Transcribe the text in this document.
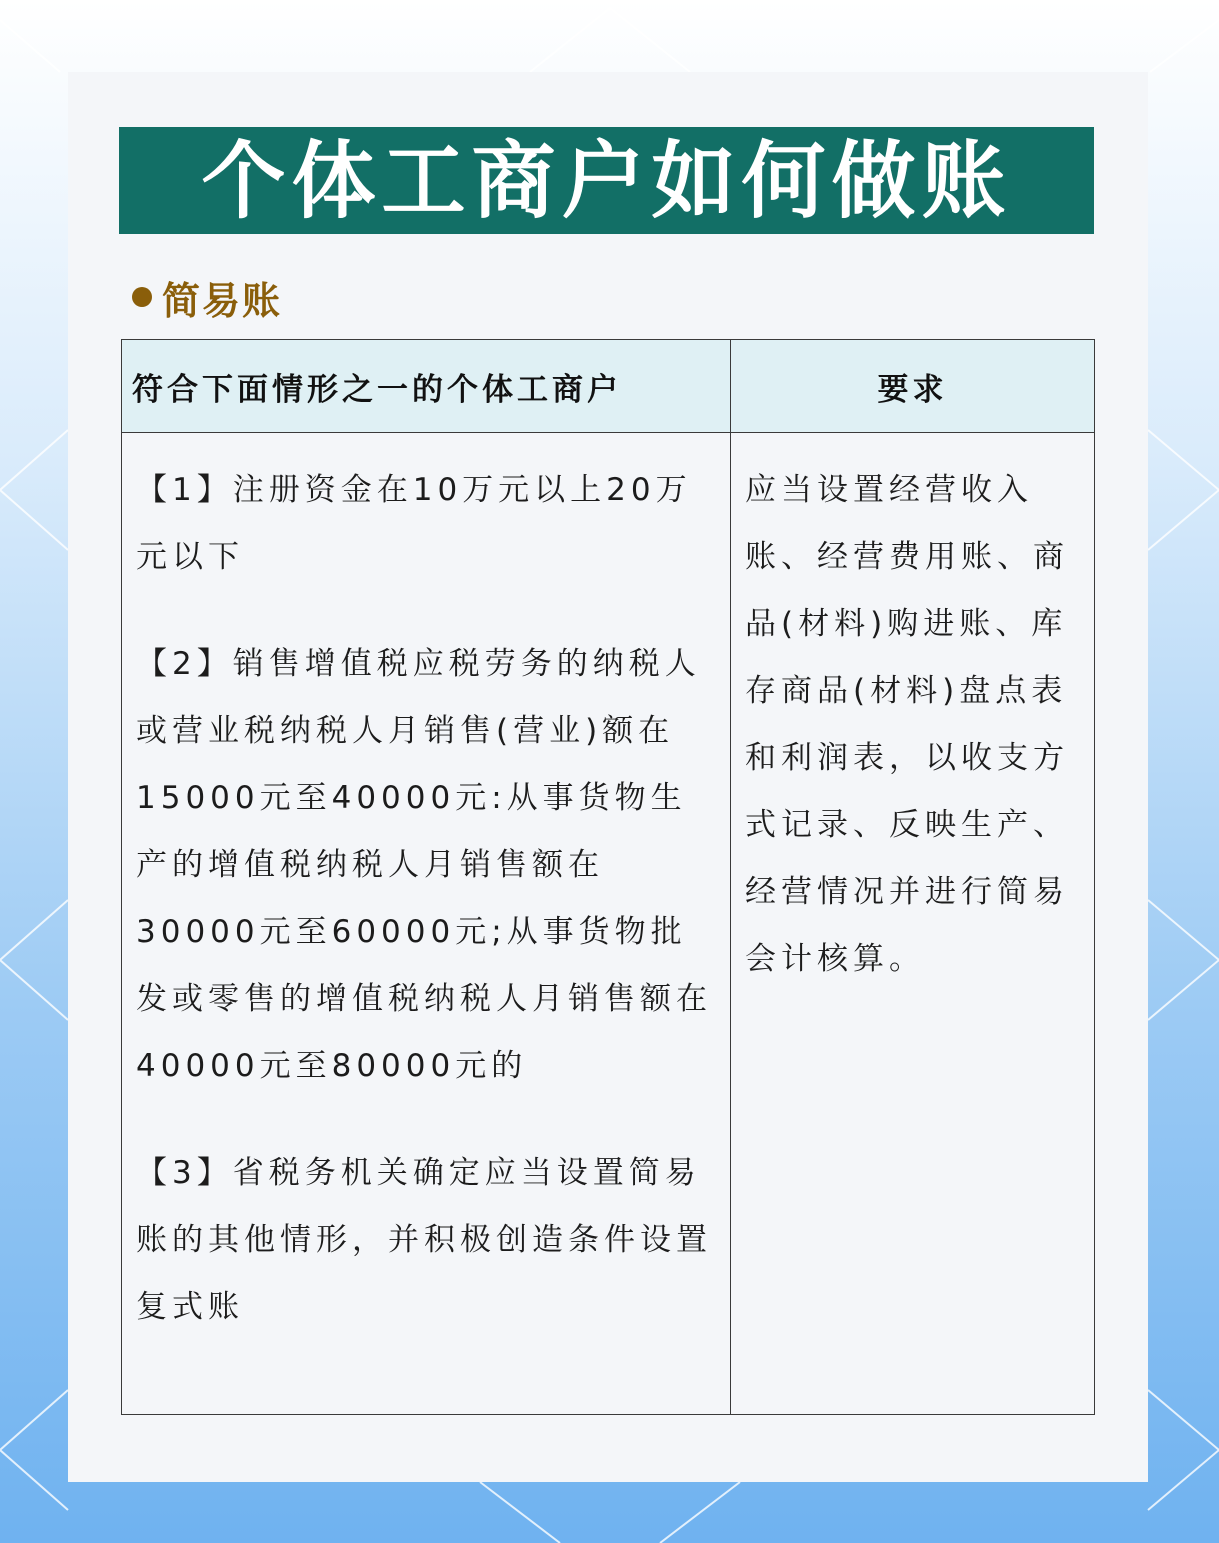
个体工商户如何做账
简易账
符合下面情形之一的个体工商户	要求

【1】注册资金在10万元以上20万元以下

【2】销售增值税应税劳务的纳税人或营业税纳税人月销售(营业)额在15000元至40000元:从事货物生产的增值税纳税人月销售额在30000元至60000元;从事货物批发或零售的增值税纳税人月销售额在40000元至80000元的

【3】省税务机关确定应当设置简易账的其他情形，并积极创造条件设置复式账	应当设置经营收入账、经营费用账、商品(材料)购进账、库存商品(材料)盘点表和利润表，以收支方式记录、反映生产、经营情况并进行简易会计核算。
